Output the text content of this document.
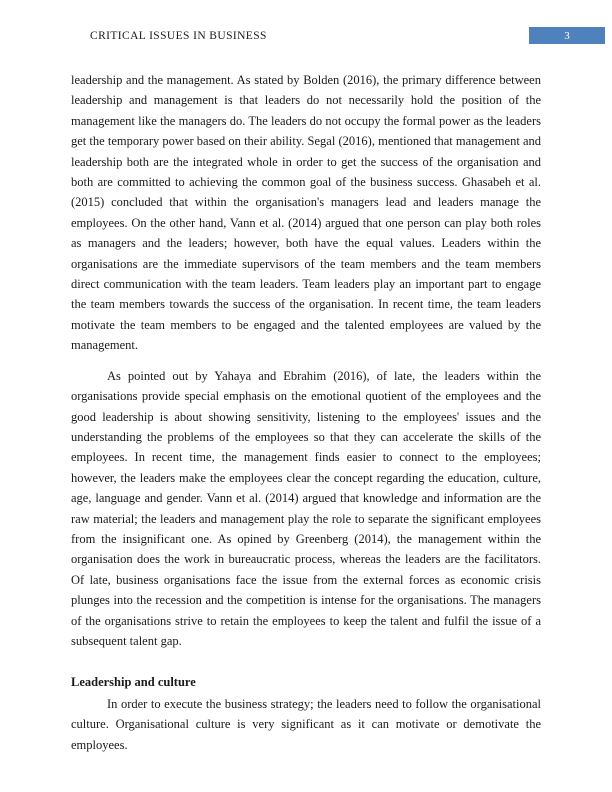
CRITICAL ISSUES IN BUSINESS	3

leadership and the management. As stated by Bolden (2016), the primary difference between leadership and management is that leaders do not necessarily hold the position of the management like the managers do. The leaders do not occupy the formal power as the leaders get the temporary power based on their ability. Segal (2016), mentioned that management and leadership both are the integrated whole in order to get the success of the organisation and both are committed to achieving the common goal of the business success. Ghasabeh et al. (2015) concluded that within the organisation's managers lead and leaders manage the employees. On the other hand, Vann et al. (2014) argued that one person can play both roles as managers and the leaders; however, both have the equal values. Leaders within the organisations are the immediate supervisors of the team members and the team members direct communication with the team leaders. Team leaders play an important part to engage the team members towards the success of the organisation. In recent time, the team leaders motivate the team members to be engaged and the talented employees are valued by the management.

As pointed out by Yahaya and Ebrahim (2016), of late, the leaders within the organisations provide special emphasis on the emotional quotient of the employees and the good leadership is about showing sensitivity, listening to the employees' issues and the understanding the problems of the employees so that they can accelerate the skills of the employees. In recent time, the management finds easier to connect to the employees; however, the leaders make the employees clear the concept regarding the education, culture, age, language and gender. Vann et al. (2014) argued that knowledge and information are the raw material; the leaders and management play the role to separate the significant employees from the insignificant one. As opined by Greenberg (2014), the management within the organisation does the work in bureaucratic process, whereas the leaders are the facilitators. Of late, business organisations face the issue from the external forces as economic crisis plunges into the recession and the competition is intense for the organisations. The managers of the organisations strive to retain the employees to keep the talent and fulfil the issue of a subsequent talent gap.

Leadership and culture

In order to execute the business strategy; the leaders need to follow the organisational culture. Organisational culture is very significant as it can motivate or demotivate the employees.
